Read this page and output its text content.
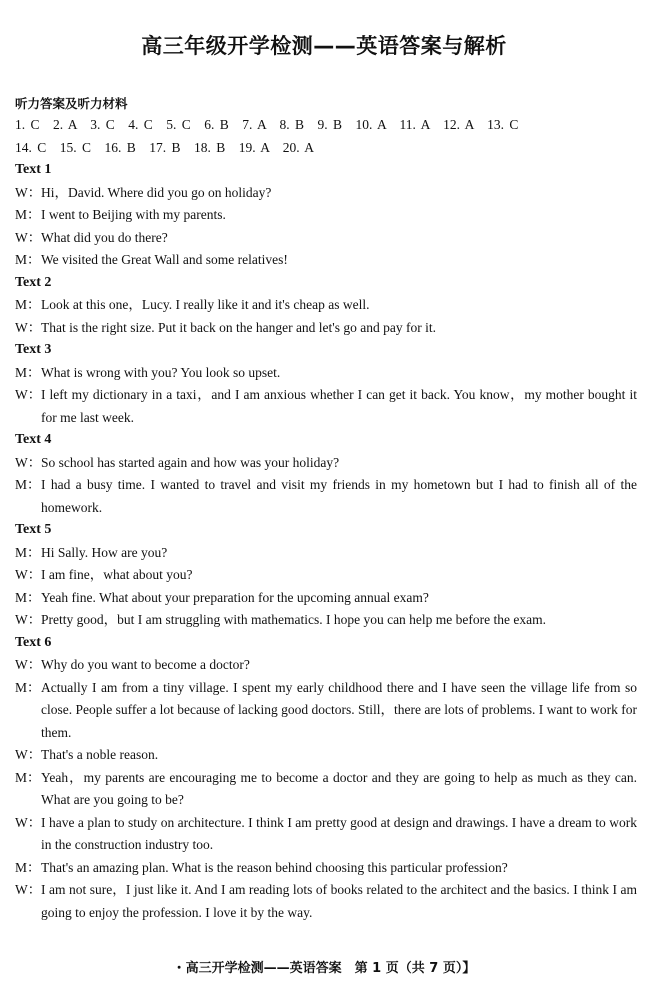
高三年级开学检测——英语答案与解析
听力答案及听力材料
1. C　2. A　3. C　4. C　5. C　6. B　7. A　8. B　9. B　10. A　11. A　12. A　13. C
14. C　15. C　16. B　17. B　18. B　19. A　20. A
Text 1
W：Hi，David. Where did you go on holiday?
M：I went to Beijing with my parents.
W：What did you do there?
M：We visited the Great Wall and some relatives!
Text 2
M：Look at this one，Lucy. I really like it and it's cheap as well.
W：That is the right size. Put it back on the hanger and let's go and pay for it.
Text 3
M：What is wrong with you? You look so upset.
W：I left my dictionary in a taxi，and I am anxious whether I can get it back. You know，my mother bought it for me last week.
Text 4
W：So school has started again and how was your holiday?
M：I had a busy time. I wanted to travel and visit my friends in my hometown but I had to finish all of the homework.
Text 5
M：Hi Sally. How are you?
W：I am fine，what about you?
M：Yeah fine. What about your preparation for the upcoming annual exam?
W：Pretty good，but I am struggling with mathematics. I hope you can help me before the exam.
Text 6
W：Why do you want to become a doctor?
M：Actually I am from a tiny village. I spent my early childhood there and I have seen the village life from so close. People suffer a lot because of lacking good doctors. Still，there are lots of problems. I want to work for them.
W：That's a noble reason.
M：Yeah，my parents are encouraging me to become a doctor and they are going to help as much as they can. What are you going to be?
W：I have a plan to study on architecture. I think I am pretty good at design and drawings. I have a dream to work in the construction industry too.
M：That's an amazing plan. What is the reason behind choosing this particular profession?
W：I am not sure，I just like it. And I am reading lots of books related to the architect and the basics. I think I am going to enjoy the profession. I love it by the way.
・高三开学检测——英语答案　第 1 页（共 7 页）】
